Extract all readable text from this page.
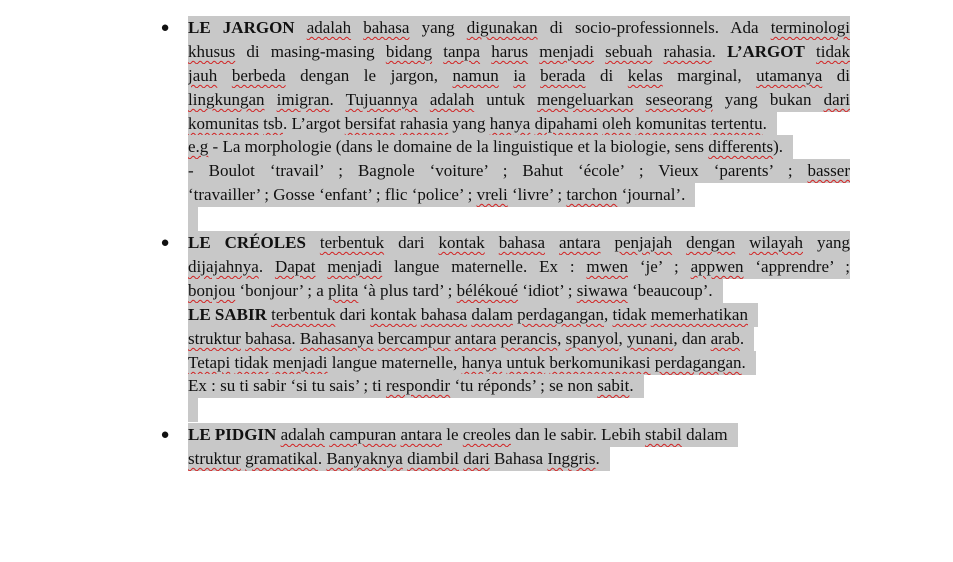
● LE JARGON adalah bahasa yang digunakan di socio-professionnels. Ada terminologi
khusus di masing-masing bidang tanpa harus menjadi sebuah rahasia. L’ARGOT tidak
jauh berbeda dengan le jargon, namun ia berada di kelas marginal, utamanya di
lingkungan imigran. Tujuannya adalah untuk mengeluarkan seseorang yang bukan dari
komunitas tsb. L’argot bersifat rahasia yang hanya dipahami oleh komunitas tertentu.
e.g - La morphologie (dans le domaine de la linguistique et la biologie, sens differents).
- Boulot ‘travail’ ; Bagnole ‘voiture’ ; Bahut ‘école’ ; Vieux ‘parents’ ; basser
‘travailler’ ; Gosse ‘enfant’ ; flic ‘police’ ; vreli ‘livre’ ; tarchon ‘journal’.
● LE CRÉOLES terbentuk dari kontak bahasa antara penjajah dengan wilayah yang
dijajahnya. Dapat menjadi langue maternelle. Ex : mwen ‘je’ ; appwen ‘apprendre’ ;
bonjou ‘bonjour’ ; a plita ‘à plus tard’ ; bélékoué ‘idiot’ ; siwawa ‘beaucoup’.
LE SABIR terbentuk dari kontak bahasa dalam perdagangan, tidak memerhatikan
struktur bahasa. Bahasanya bercampur antara perancis, spanyol, yunani, dan arab.
Tetapi tidak menjadi langue maternelle, hanya untuk berkomunikasi perdagangan.
Ex : su ti sabir ‘si tu sais’ ; ti respondir ‘tu réponds’ ; se non sabit.
● LE PIDGIN adalah campuran antara le creoles dan le sabir. Lebih stabil dalam
struktur gramatikal. Banyaknya diambil dari Bahasa Inggris.
